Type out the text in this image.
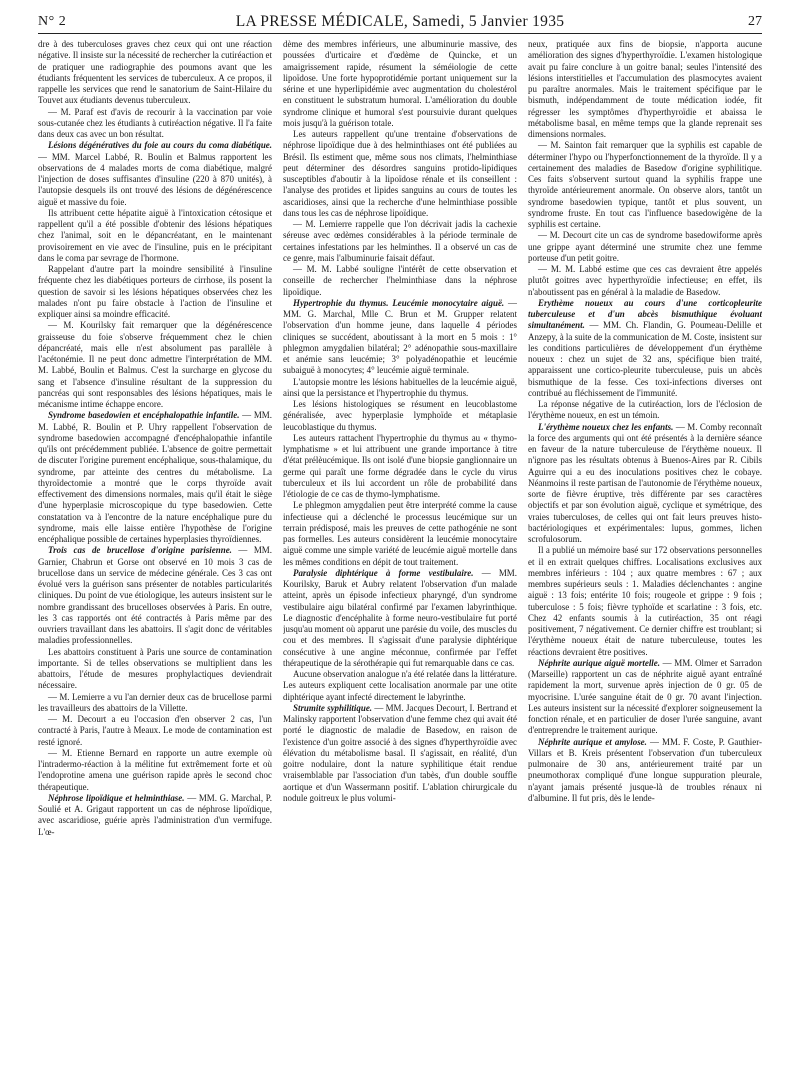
N° 2	LA PRESSE MÉDICALE, Samedi, 5 Janvier 1935	27

dre à des tuberculoses graves chez ceux qui ont une réaction négative. Il insiste sur la nécessité de rechercher la cutiréaction et de pratiquer une radiographie des poumons avant que les étudiants fréquentent les services de tuberculeux. A ce propos, il rappelle les services que rend le sanatorium de Saint-Hilaire du Touvet aux étudiants devenus tuberculeux.

— M. Paraf est d'avis de recourir à la vaccination par voie sous-cutanée chez les étudiants à cutiréaction négative. Il l'a faite dans deux cas avec un bon résultat.

Lésions dégénératives du foie au cours du coma diabétique. — MM. Marcel Labbé, R. Boulin et Balmus rapportent les observations de 4 malades morts de coma diabétique, malgré l'injection de doses suffisantes d'insuline (220 à 870 unités), à l'autopsie desquels ils ont trouvé des lésions de dégénérescence aiguë et massive du foie.

Ils attribuent cette hépatite aiguë à l'intoxication cétosique et rappellent qu'il a été possible d'obtenir des lésions hépatiques chez l'animal, soit en le dépancréatant, en le maintenant provisoirement en vie avec de l'insuline, puis en le précipitant dans le coma par sevrage de l'hormone.

Rappelant d'autre part la moindre sensibilité à l'insuline fréquente chez les diabétiques porteurs de cirrhose, ils posent la question de savoir si les lésions hépatiques observées chez les malades n'ont pu faire obstacle à l'action de l'insuline et expliquer ainsi sa moindre efficacité.

— M. Kourilsky fait remarquer que la dégénérescence graisseuse du foie s'observe fréquemment chez le chien dépancréaté, mais elle n'est absolument pas parallèle à l'acétonémie. Il ne peut donc admettre l'interprétation de MM. M. Labbé, Boulin et Balmus. C'est la surcharge en glycose du sang et l'absence d'insuline résultant de la suppression du pancréas qui sont responsables des lésions hépatiques, mais le mécanisme intime échappe encore.

Syndrome basedowien et encéphalopathie infantile. — MM. M. Labbé, R. Boulin et P. Uhry rappellent l'observation de syndrome basedowien accompagné d'encéphalopathie infantile qu'ils ont précédemment publiée. L'absence de goitre permettait de discuter l'origine purement encéphalique, sous-thalamique, du syndrome, par atteinte des centres du métabolisme. La thyroïdectomie a montré que le corps thyroïde avait effectivement des dimensions normales, mais qu'il était le siège d'une hyperplasie microscopique du type basedowien. Cette constatation va à l'encontre de la nature encéphalique pure du syndrome, mais elle laisse entière l'hypothèse de l'origine encéphalique possible de certaines hyperplasies thyroïdiennes.

Trois cas de brucellose d'origine parisienne. — MM. Garnier, Chabrun et Gorse ont observé en 10 mois 3 cas de brucellose dans un service de médecine générale. Ces 3 cas ont évolué vers la guérison sans présenter de notables particularités cliniques. Du point de vue étiologique, les auteurs insistent sur le nombre grandissant des brucelloses observées à Paris. En outre, les 3 cas rapportés ont été contractés à Paris même par des ouvriers travaillant dans les abattoirs. Il s'agit donc de véritables maladies professionnelles.

Les abattoirs constituent à Paris une source de contamination importante. Si de telles observations se multiplient dans les abattoirs, l'étude de mesures prophylactiques deviendrait nécessaire.

— M. Lemierre a vu l'an dernier deux cas de brucellose parmi les travailleurs des abattoirs de la Villette.

— M. Decourt a eu l'occasion d'en observer 2 cas, l'un contracté à Paris, l'autre à Meaux. Le mode de contamination est resté ignoré.

— M. Etienne Bernard en rapporte un autre exemple où l'intradermo-réaction à la mélitine fut extrêmement forte et où l'endoprotine amena une guérison rapide après le second choc thérapeutique.

Néphrose lipoïdique et helminthiase. — MM. G. Marchal, P. Soulié et A. Grigaut rapportent un cas de néphrose lipoïdique, avec ascaridiose, guérie après l'administration d'un vermifuge. L'œ-

dème des membres inférieurs, une albuminurie massive, des poussées d'urticaire et d'œdème de Quincke, et un amaigrissement rapide, résument la séméiologie de cette lipoïdose. Une forte hypoprotidémie portant uniquement sur la sérine et une hyperlipidémie avec augmentation du cholestérol en constituent le substratum humoral. L'amélioration du double syndrome clinique et humoral s'est poursuivie durant quelques mois jusqu'à la guérison totale.

Les auteurs rappellent qu'une trentaine d'observations de néphrose lipoïdique due à des helminthiases ont été publiées au Brésil. Ils estiment que, même sous nos climats, l'helminthiase peut déterminer des désordres sanguins protido-lipidiques susceptibles d'aboutir à la lipoïdose rénale et ils conseillent : l'analyse des protides et lipides sanguins au cours de toutes les ascaridioses, ainsi que la recherche d'une helminthiase possible dans tous les cas de néphrose lipoïdique.

— M. Lemierre rappelle que l'on décrivait jadis la cachexie séreuse avec œdèmes considérables à la période terminale de certaines infestations par les helminthes. Il a observé un cas de ce genre, mais l'albuminurie faisait défaut.

— M. M. Labbé souligne l'intérêt de cette observation et conseille de rechercher l'helminthiase dans la néphrose lipoïdique.

Hypertrophie du thymus. Leucémie monocytaire aiguë. — MM. G. Marchal, Mlle C. Brun et M. Grupper relatent l'observation d'un homme jeune, dans laquelle 4 périodes cliniques se succédent, aboutissant à la mort en 5 mois : 1° phlegmon amygdalien bilatéral; 2° adénopathie sous-maxillaire et anémie sans leucémie; 3° polyadénopathie et leucémie subaiguë à monocytes; 4° leucémie aiguë terminale.

L'autopsie montre les lésions habituelles de la leucémie aiguë, ainsi que la persistance et l'hypertrophie du thymus.

Les lésions histologiques se résument en leucoblastome généralisée, avec hyperplasie lymphoïde et métaplasie leucoblastique du thymus.

Les auteurs rattachent l'hypertrophie du thymus au « thymo-lymphatisme » et lui attribuent une grande importance à titre d'état prélèucémique. Ils ont isolé d'une biopsie ganglionnaire un germe qui paraît une forme dégradée dans le cycle du virus tuberculeux et ils lui accordent un rôle de probabilité dans l'étiologie de ce cas de thymo-lymphatisme.

Le phlegmon amygdalien peut être interprété comme la cause infectieuse qui a déclenché le processus leucémique sur un terrain prédisposé, mais les preuves de cette pathogénie ne sont pas formelles. Les auteurs considèrent la leucémie monocytaire aiguë comme une simple variété de leucémie aiguë mortelle dans les mêmes conditions en dépit de tout traitement.

Paralysie diphtérique à forme vestibulaire. — MM. Kourilsky, Baruk et Aubry relatent l'observation d'un malade atteint, après un épisode infectieux pharyngé, d'un syndrome vestibulaire aigu bilatéral confirmé par l'examen labyrinthique. Le diagnostic d'encéphalite à forme neuro-vestibulaire fut porté jusqu'au moment où apparut une parésie du voile, des muscles du cou et des membres. Il s'agissait d'une paralysie diphtérique consécutive à une angine méconnue, confirmée par l'effet thérapeutique de la sérothérapie qui fut remarquable dans ce cas.

Aucune observation analogue n'a été relatée dans la littérature. Les auteurs expliquent cette localisation anormale par une otite diphtérique ayant infecté directement le labyrinthe.

Strumite syphilitique. — MM. Jacques Decourt, I. Bertrand et Malinsky rapportent l'observation d'une femme chez qui avait été porté le diagnostic de maladie de Basedow, en raison de l'existence d'un goitre associé à des signes d'hyperthyroïdie avec élévation du métabolisme basal. Il s'agissait, en réalité, d'un goitre nodulaire, dont la nature syphilitique était rendue vraisemblable par l'association d'un tabès, d'un double souffle aortique et d'un Wassermann positif. L'ablation chirurgicale du nodule goitreux le plus volumi-

neux, pratiquée aux fins de biopsie, n'apporta aucune amélioration des signes d'hyperthyroïdie. L'examen histologique avait pu faire conclure à un goitre banal; seules l'intensité des lésions interstitielles et l'accumulation des plasmocytes avaient pu paraître anormales. Mais le traitement spécifique par le bismuth, indépendamment de toute médication iodée, fit régresser les symptômes d'hyperthyroïdie et abaissa le métabolisme basal, en même temps que la glande reprenait ses dimensions normales.

— M. Sainton fait remarquer que la syphilis est capable de déterminer l'hypo ou l'hyperfonctionnement de la thyroïde. Il y a certainement des maladies de Basedow d'origine syphilitique. Ces faits s'observent surtout quand la syphilis frappe une thyroïde antérieurement anormale. On observe alors, tantôt un syndrome basedowien typique, tantôt et plus souvent, un syndrome fruste. En tout cas l'influence basedowigène de la syphilis est certaine.

— M. Decourt cite un cas de syndrome basedowiforme après une grippe ayant déterminé une strumite chez une femme porteuse d'un petit goitre.

— M. M. Labbé estime que ces cas devraient être appelés plutôt goitres avec hyperthyroïdie infectieuse; en effet, ils n'aboutissent pas en général à la maladie de Basedow.

Erythème noueux au cours d'une corticopleurite tuberculeuse et d'un abcès bismuthique évoluant simultanément. — MM. Ch. Flandin, G. Poumeau-Delille et Anzepy, à la suite de la communication de M. Coste, insistent sur les conditions particulières de développement d'un érythème noueux : chez un sujet de 32 ans, spécifique bien traité, apparaissent une cortico-pleurite tuberculeuse, puis un abcès bismuthique de la fesse. Ces toxi-infections diverses ont contribué au fléchissement de l'immunité.

La réponse négative de la cutiréaction, lors de l'éclosion de l'érythème noueux, en est un témoin.

L'érythème noueux chez les enfants. — M. Comby reconnaît la force des arguments qui ont été présentés à la dernière séance en faveur de la nature tuberculeuse de l'érythème noueux. Il n'ignore pas les résultats obtenus à Buenos-Aires par R. Cibils Aguirre qui a eu des inoculations positives chez le cobaye. Néanmoins il reste partisan de l'autonomie de l'érythème noueux, sorte de fièvre éruptive, très différente par ses caractères objectifs et par son évolution aiguë, cyclique et symétrique, des vraies tuberculoses, de celles qui ont fait leurs preuves histo-bactériologiques et expérimentales: lupus, gommes, lichen scrofulosorum.

Il a publié un mémoire basé sur 172 observations personnelles et il en extrait quelques chiffres. Localisations exclusives aux membres inférieurs : 104 ; aux quatre membres : 67 ; aux membres supérieurs seuls : 1. Maladies déclenchantes : angine aiguë : 13 fois; entérite 10 fois; rougeole et grippe : 9 fois ; tuberculose : 5 fois; fièvre typhoïde et scarlatine : 3 fois, etc. Chez 42 enfants soumis à la cutiréaction, 35 ont réagi positivement, 7 négativement. Ce dernier chiffre est troublant; si l'érythème noueux était de nature tuberculeuse, toutes les réactions devraient être positives.

Néphrite aurique aiguë mortelle. — MM. Olmer et Sarradon (Marseille) rapportent un cas de néphrite aiguë ayant entraîné rapidement la mort, survenue après injection de 0 gr. 05 de myocrisine. L'urée sanguine était de 0 gr. 70 avant l'injection. Les auteurs insistent sur la nécessité d'explorer soigneusement la fonction rénale, et en particulier de doser l'urée sanguine, avant d'entreprendre le traitement aurique.

Néphrite aurique et amylose. — MM. F. Coste, P. Gauthier-Villars et B. Kreis présentent l'observation d'un tuberculeux pulmonaire de 30 ans, antérieurement traité par un pneumothorax compliqué d'une longue suppuration pleurale, n'ayant jamais présenté jusque-là de troubles rénaux ni d'albumine. Il fut pris, dès le lende-
